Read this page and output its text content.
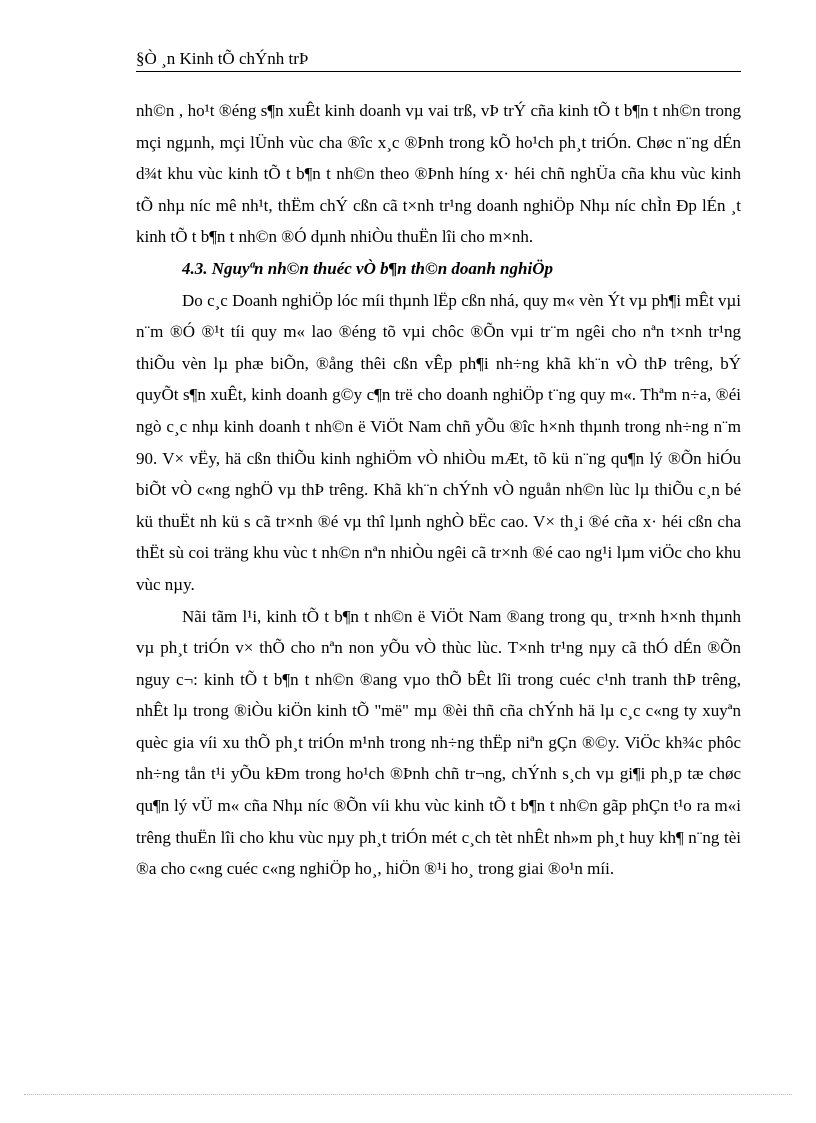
§Ò ¸n Kinh tÕ chÝnh trÞ

nh©n , ho¹t ®éng s¶n xuÊt kinh doanh vµ vai trß, vÞ trÝ cña kinh tÕ t b¶n t nh©n trong mçi ngµnh, mçi lÜnh vùc cha ®îc x¸c ®Þnh trong kÕ ho¹ch ph¸t triÓn. Chøc n¨ng dÉn d¾t khu vùc kinh tÕ t b¶n t nh©n theo ®Þnh híng x· héi chñ nghÜa cña khu vùc kinh tÕ nhµ níc mê nh¹t, thËm chÝ cßn cã t×nh tr¹ng doanh nghiÖp Nhµ níc chÌn Ðp lÉn ¸t kinh tÕ t b¶n t nh©n ®Ó dµnh nhiÒu thuËn lîi cho m×nh.

4.3. Nguyªn nh©n thuéc vÒ b¶n th©n doanh nghiÖp

Do c¸c Doanh nghiÖp lóc míi thµnh lËp cßn nhá, quy m« vèn Ýt vµ ph¶i mÊt vµi n¨m ®Ó ®¹t tíi quy m« lao ®éng tõ vµi chôc ®Õn vµi tr¨m ngêi cho nªn t×nh tr¹ng thiÕu vèn lµ phæ biÕn, ®ång thêi cßn vÊp ph¶i nh÷ng khã kh¨n vÒ thÞ trêng, bÝ quyÕt s¶n xuÊt, kinh doanh g©y c¶n trë cho doanh nghiÖp t¨ng quy m«. Thªm n÷a, ®éi ngò c¸c nhµ kinh doanh t nh©n ë ViÖt Nam chñ yÕu ®îc h×nh thµnh trong nh÷ng n¨m 90. V× vËy, hä cßn thiÕu kinh nghiÖm vÒ nhiÒu mÆt, tõ kü n¨ng qu¶n lý ®Õn hiÓu biÕt vÒ c«ng nghÖ vµ thÞ trêng. Khã kh¨n chÝnh vÒ nguån nh©n lùc lµ thiÕu c¸n bé kü thuËt nh kü s cã tr×nh ®é vµ thî lµnh nghÒ bËc cao. V× th¸i ®é cña x· héi cßn cha thËt sù coi träng khu vùc t nh©n nªn nhiÒu ngêi cã tr×nh ®é cao ng¹i lµm viÖc cho khu vùc nµy.

Nãi tãm l¹i, kinh tÕ t b¶n t nh©n ë ViÖt Nam ®ang trong qu¸ tr×nh h×nh thµnh vµ ph¸t triÓn v× thÕ cho nªn non yÕu vÒ thùc lùc. T×nh tr¹ng nµy cã thÓ dÉn ®Õn nguy c¬: kinh tÕ t b¶n t nh©n ®ang vµo thÕ bÊt lîi trong cuéc c¹nh tranh thÞ trêng, nhÊt lµ trong ®iÒu kiÖn kinh tÕ "më" mµ ®èi thñ cña chÝnh hä lµ c¸c c«ng ty xuyªn quèc gia víi xu thÕ ph¸t triÓn m¹nh trong nh÷ng thËp niªn gÇn ®©y. ViÖc kh¾c phôc nh÷ng tån t¹i yÕu kÐm trong ho¹ch ®Þnh chñ tr¬ng, chÝnh s¸ch vµ gi¶i ph¸p tæ chøc qu¶n lý vÜ m« cña Nhµ níc ®Õn víi khu vùc kinh tÕ t b¶n t nh©n gãp phÇn t¹o ra m«i trêng thuËn lîi cho khu vùc nµy ph¸t triÓn mét c¸ch tèt nhÊt nh»m ph¸t huy kh¶ n¨ng tèi ®a cho c«ng cuéc c«ng nghiÖp ho¸, hiÖn ®¹i ho¸ trong giai ®o¹n míi.
